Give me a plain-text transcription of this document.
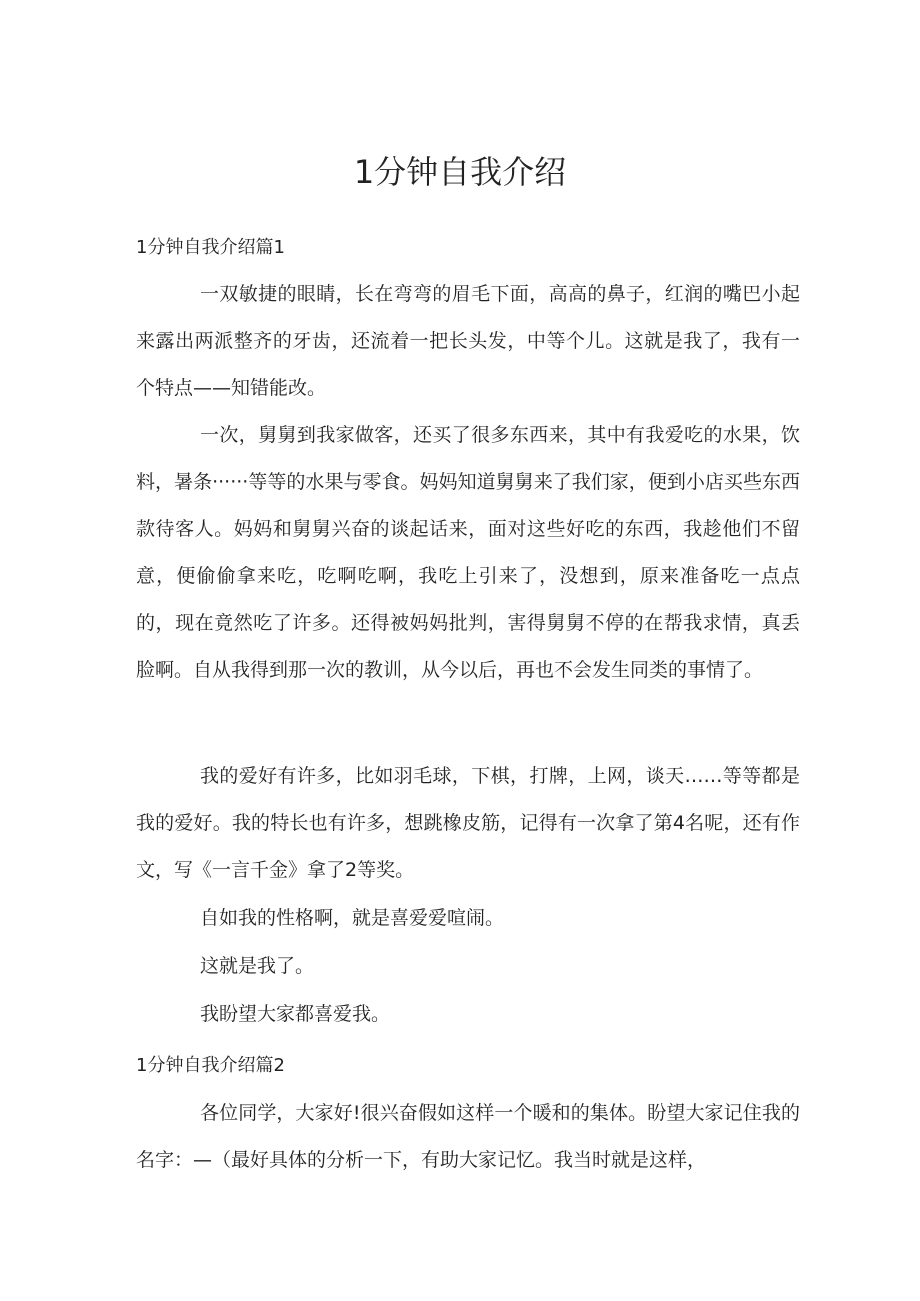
1分钟自我介绍
1分钟自我介绍篇1

一双敏捷的眼睛，长在弯弯的眉毛下面，高高的鼻子，红润的嘴巴小起来露出两派整齐的牙齿，还流着一把长头发，中等个儿。这就是我了，我有一个特点——知错能改。

一次，舅舅到我家做客，还买了很多东西来，其中有我爱吃的水果，饮料，暑条······等等的水果与零食。妈妈知道舅舅来了我们家，便到小店买些东西款待客人。妈妈和舅舅兴奋的谈起话来，面对这些好吃的东西，我趁他们不留意，便偷偷拿来吃，吃啊吃啊，我吃上引来了，没想到，原来准备吃一点点的，现在竟然吃了许多。还得被妈妈批判，害得舅舅不停的在帮我求情，真丢脸啊。自从我得到那一次的教训，从今以后，再也不会发生同类的事情了。

我的爱好有许多，比如羽毛球，下棋，打牌，上网，谈天……等等都是我的爱好。我的特长也有许多，想跳橡皮筋，记得有一次拿了第4名呢，还有作文，写《一言千金》拿了2等奖。

自如我的性格啊，就是喜爱爱喧闹。

这就是我了。

我盼望大家都喜爱我。

1分钟自我介绍篇2

各位同学，大家好!很兴奋假如这样一个暖和的集体。盼望大家记住我的名字：—（最好具体的分析一下，有助大家记忆。我当时就是这样，
